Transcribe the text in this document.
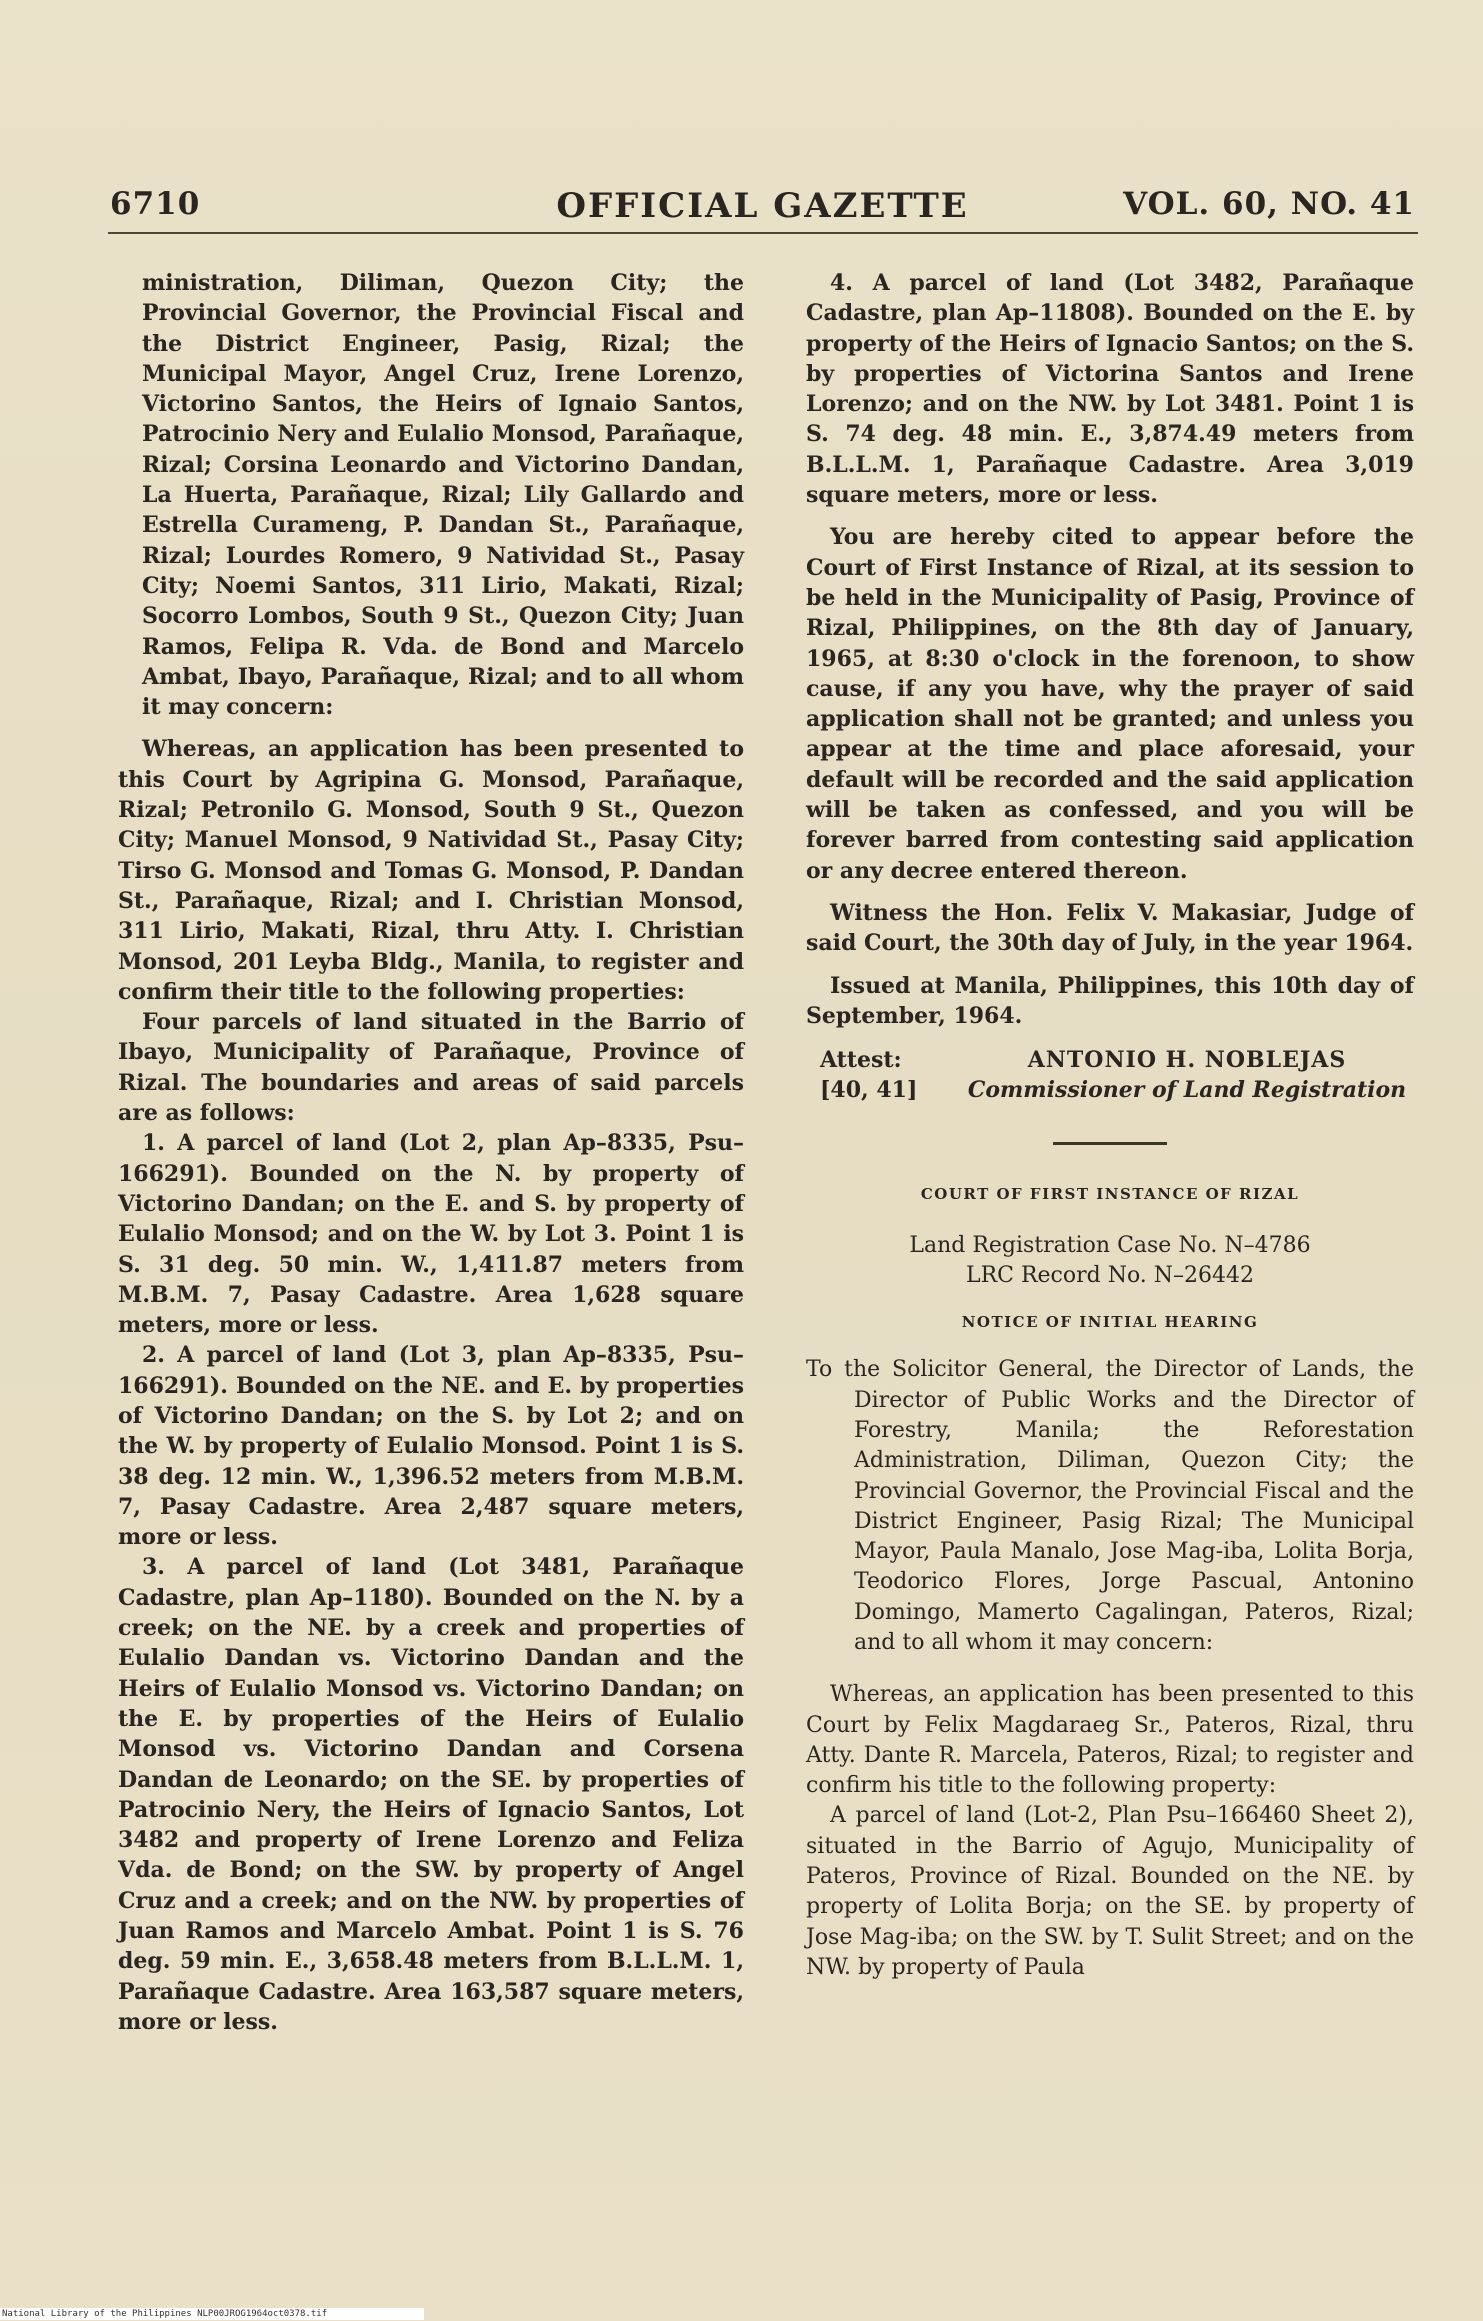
6710	OFFICIAL GAZETTE	VOL. 60, NO. 41

ministration, Diliman, Quezon City; the Provincial Governor, the Provincial Fiscal and the District Engineer, Pasig, Rizal; the Municipal Mayor, Angel Cruz, Irene Lorenzo, Victorino Santos, the Heirs of Ignaio Santos, Patrocinio Nery and Eulalio Monsod, Parañaque, Rizal; Corsina Leonardo and Victorino Dandan, La Huerta, Parañaque, Rizal; Lily Gallardo and Estrella Curameng, P. Dandan St., Parañaque, Rizal; Lourdes Romero, 9 Natividad St., Pasay City; Noemi Santos, 311 Lirio, Makati, Rizal; Socorro Lombos, South 9 St., Quezon City; Juan Ramos, Felipa R. Vda. de Bond and Marcelo Ambat, Ibayo, Parañaque, Rizal; and to all whom it may concern:

Whereas, an application has been presented to this Court by Agripina G. Monsod, Parañaque, Rizal; Petronilo G. Monsod, South 9 St., Quezon City; Manuel Monsod, 9 Natividad St., Pasay City; Tirso G. Monsod and Tomas G. Monsod, P. Dandan St., Parañaque, Rizal; and I. Christian Monsod, 311 Lirio, Makati, Rizal, thru Atty. I. Christian Monsod, 201 Leyba Bldg., Manila, to register and confirm their title to the following properties:

Four parcels of land situated in the Barrio of Ibayo, Municipality of Parañaque, Province of Rizal. The boundaries and areas of said parcels are as follows:

1. A parcel of land (Lot 2, plan Ap–8335, Psu–166291). Bounded on the N. by property of Victorino Dandan; on the E. and S. by property of Eulalio Monsod; and on the W. by Lot 3. Point 1 is S. 31 deg. 50 min. W., 1,411.87 meters from M.B.M. 7, Pasay Cadastre. Area 1,628 square meters, more or less.

2. A parcel of land (Lot 3, plan Ap–8335, Psu–166291). Bounded on the NE. and E. by properties of Victorino Dandan; on the S. by Lot 2; and on the W. by property of Eulalio Monsod. Point 1 is S. 38 deg. 12 min. W., 1,396.52 meters from M.B.M. 7, Pasay Cadastre. Area 2,487 square meters, more or less.

3. A parcel of land (Lot 3481, Parañaque Cadastre, plan Ap–1180). Bounded on the N. by a creek; on the NE. by a creek and properties of Eulalio Dandan vs. Victorino Dandan and the Heirs of Eulalio Monsod vs. Victorino Dandan; on the E. by properties of the Heirs of Eulalio Monsod vs. Victorino Dandan and Corsena Dandan de Leonardo; on the SE. by properties of Patrocinio Nery, the Heirs of Ignacio Santos, Lot 3482 and property of Irene Lorenzo and Feliza Vda. de Bond; on the SW. by property of Angel Cruz and a creek; and on the NW. by properties of Juan Ramos and Marcelo Ambat. Point 1 is S. 76 deg. 59 min. E., 3,658.48 meters from B.L.L.M. 1, Parañaque Cadastre. Area 163,587 square meters, more or less.

4. A parcel of land (Lot 3482, Parañaque Cadastre, plan Ap–11808). Bounded on the E. by property of the Heirs of Ignacio Santos; on the S. by properties of Victorina Santos and Irene Lorenzo; and on the NW. by Lot 3481. Point 1 is S. 74 deg. 48 min. E., 3,874.49 meters from B.L.L.M. 1, Parañaque Cadastre. Area 3,019 square meters, more or less.

You are hereby cited to appear before the Court of First Instance of Rizal, at its session to be held in the Municipality of Pasig, Province of Rizal, Philippines, on the 8th day of January, 1965, at 8:30 o'clock in the forenoon, to show cause, if any you have, why the prayer of said application shall not be granted; and unless you appear at the time and place aforesaid, your default will be recorded and the said application will be taken as confessed, and you will be forever barred from contesting said application or any decree entered thereon.

Witness the Hon. Felix V. Makasiar, Judge of said Court, the 30th day of July, in the year 1964.

Issued at Manila, Philippines, this 10th day of September, 1964.

Attest:
[40, 41]
ANTONIO H. NOBLEJAS
Commissioner of Land Registration
COURT OF FIRST INSTANCE OF RIZAL
Land Registration Case No. N–4786
LRC Record No. N–26442
NOTICE OF INITIAL HEARING

To the Solicitor General, the Director of Lands, the Director of Public Works and the Director of Forestry, Manila; the Reforestation Administration, Diliman, Quezon City; the Provincial Governor, the Provincial Fiscal and the District Engineer, Pasig Rizal; The Municipal Mayor, Paula Manalo, Jose Mag-iba, Lolita Borja, Teodorico Flores, Jorge Pascual, Antonino Domingo, Mamerto Cagalingan, Pateros, Rizal; and to all whom it may concern:

Whereas, an application has been presented to this Court by Felix Magdaraeg Sr., Pateros, Rizal, thru Atty. Dante R. Marcela, Pateros, Rizal; to register and confirm his title to the following property:

A parcel of land (Lot-2, Plan Psu–166460 Sheet 2), situated in the Barrio of Agujo, Municipality of Pateros, Province of Rizal. Bounded on the NE. by property of Lolita Borja; on the SE. by property of Jose Mag-iba; on the SW. by T. Sulit Street; and on the NW. by property of Paula

National Library of the Philippines NLP00JROG1964oct0378.tif
